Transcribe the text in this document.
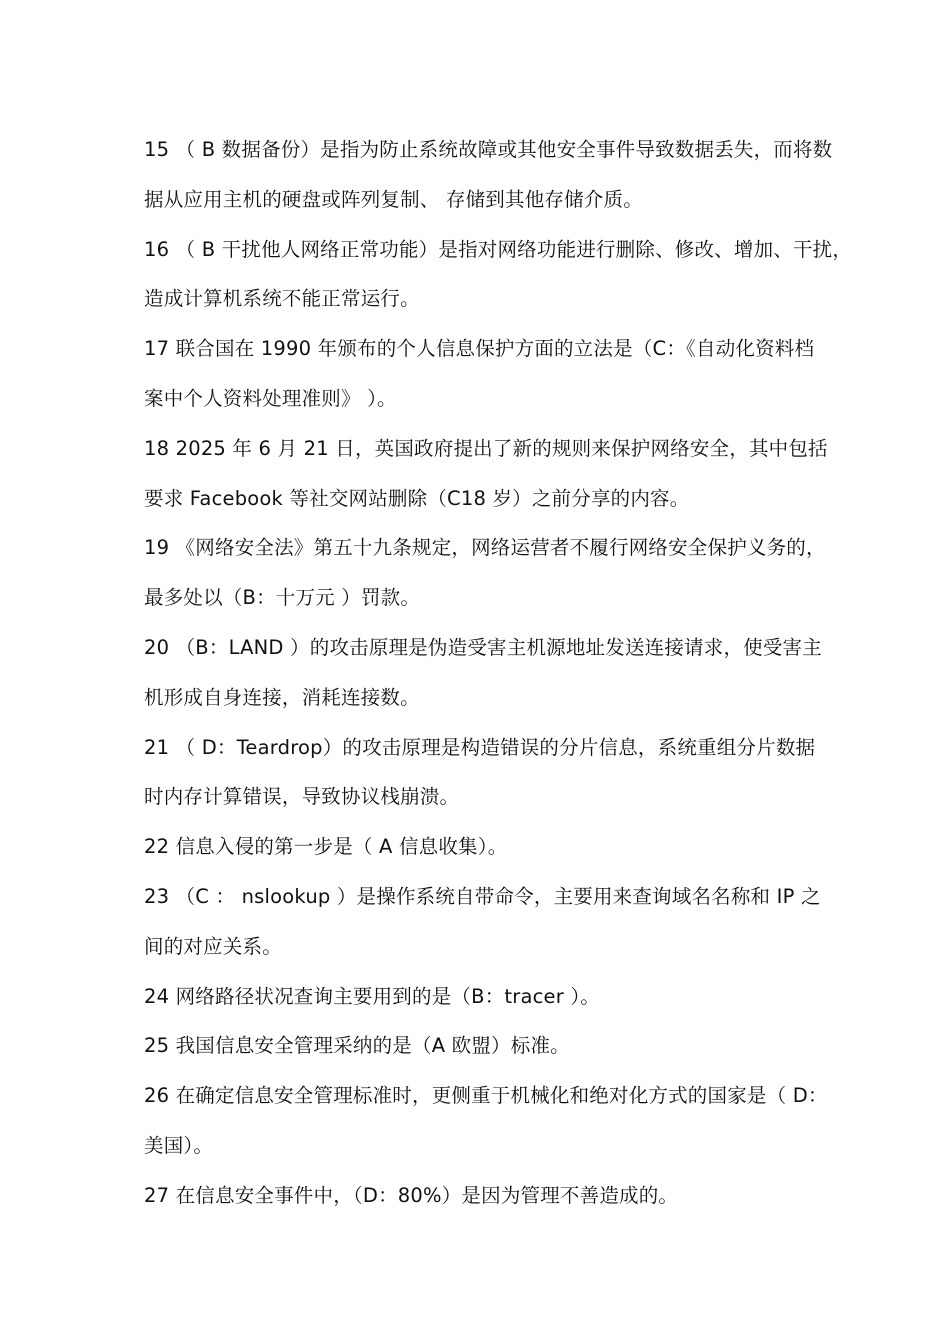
15 （ B 数据备份）是指为防止系统故障或其他安全事件导致数据丢失，而将数
据从应用主机的硬盘或阵列复制、 存储到其他存储介质。
16 （ B 干扰他人网络正常功能）是指对网络功能进行删除、修改、增加、干扰，
造成计算机系统不能正常运行。
17 联合国在 1990 年颁布的个人信息保护方面的立法是（C：《自动化资料档
案中个人资料处理准则》 ）。
18 2025 年 6 月 21 日，英国政府提出了新的规则来保护网络安全，其中包括
要求 Facebook 等社交网站删除（C18 岁）之前分享的内容。
19 《网络安全法》第五十九条规定，网络运营者不履行网络安全保护义务的，
最多处以（B：十万元 ）罚款。
20 （B：LAND ）的攻击原理是伪造受害主机源地址发送连接请求，使受害主
机形成自身连接，消耗连接数。
21 （ D：Teardrop）的攻击原理是构造错误的分片信息，系统重组分片数据
时内存计算错误，导致协议栈崩溃。
22 信息入侵的第一步是（ A 信息收集）。
23 （C ： nslookup ）是操作系统自带命令，主要用来查询域名名称和 IP 之
间的对应关系。
24 网络路径状况查询主要用到的是（B：tracer ）。
25 我国信息安全管理采纳的是（A 欧盟）标准。
26 在确定信息安全管理标准时，更侧重于机械化和绝对化方式的国家是（ D：
美国）。
27 在信息安全事件中，（D：80%）是因为管理不善造成的。
